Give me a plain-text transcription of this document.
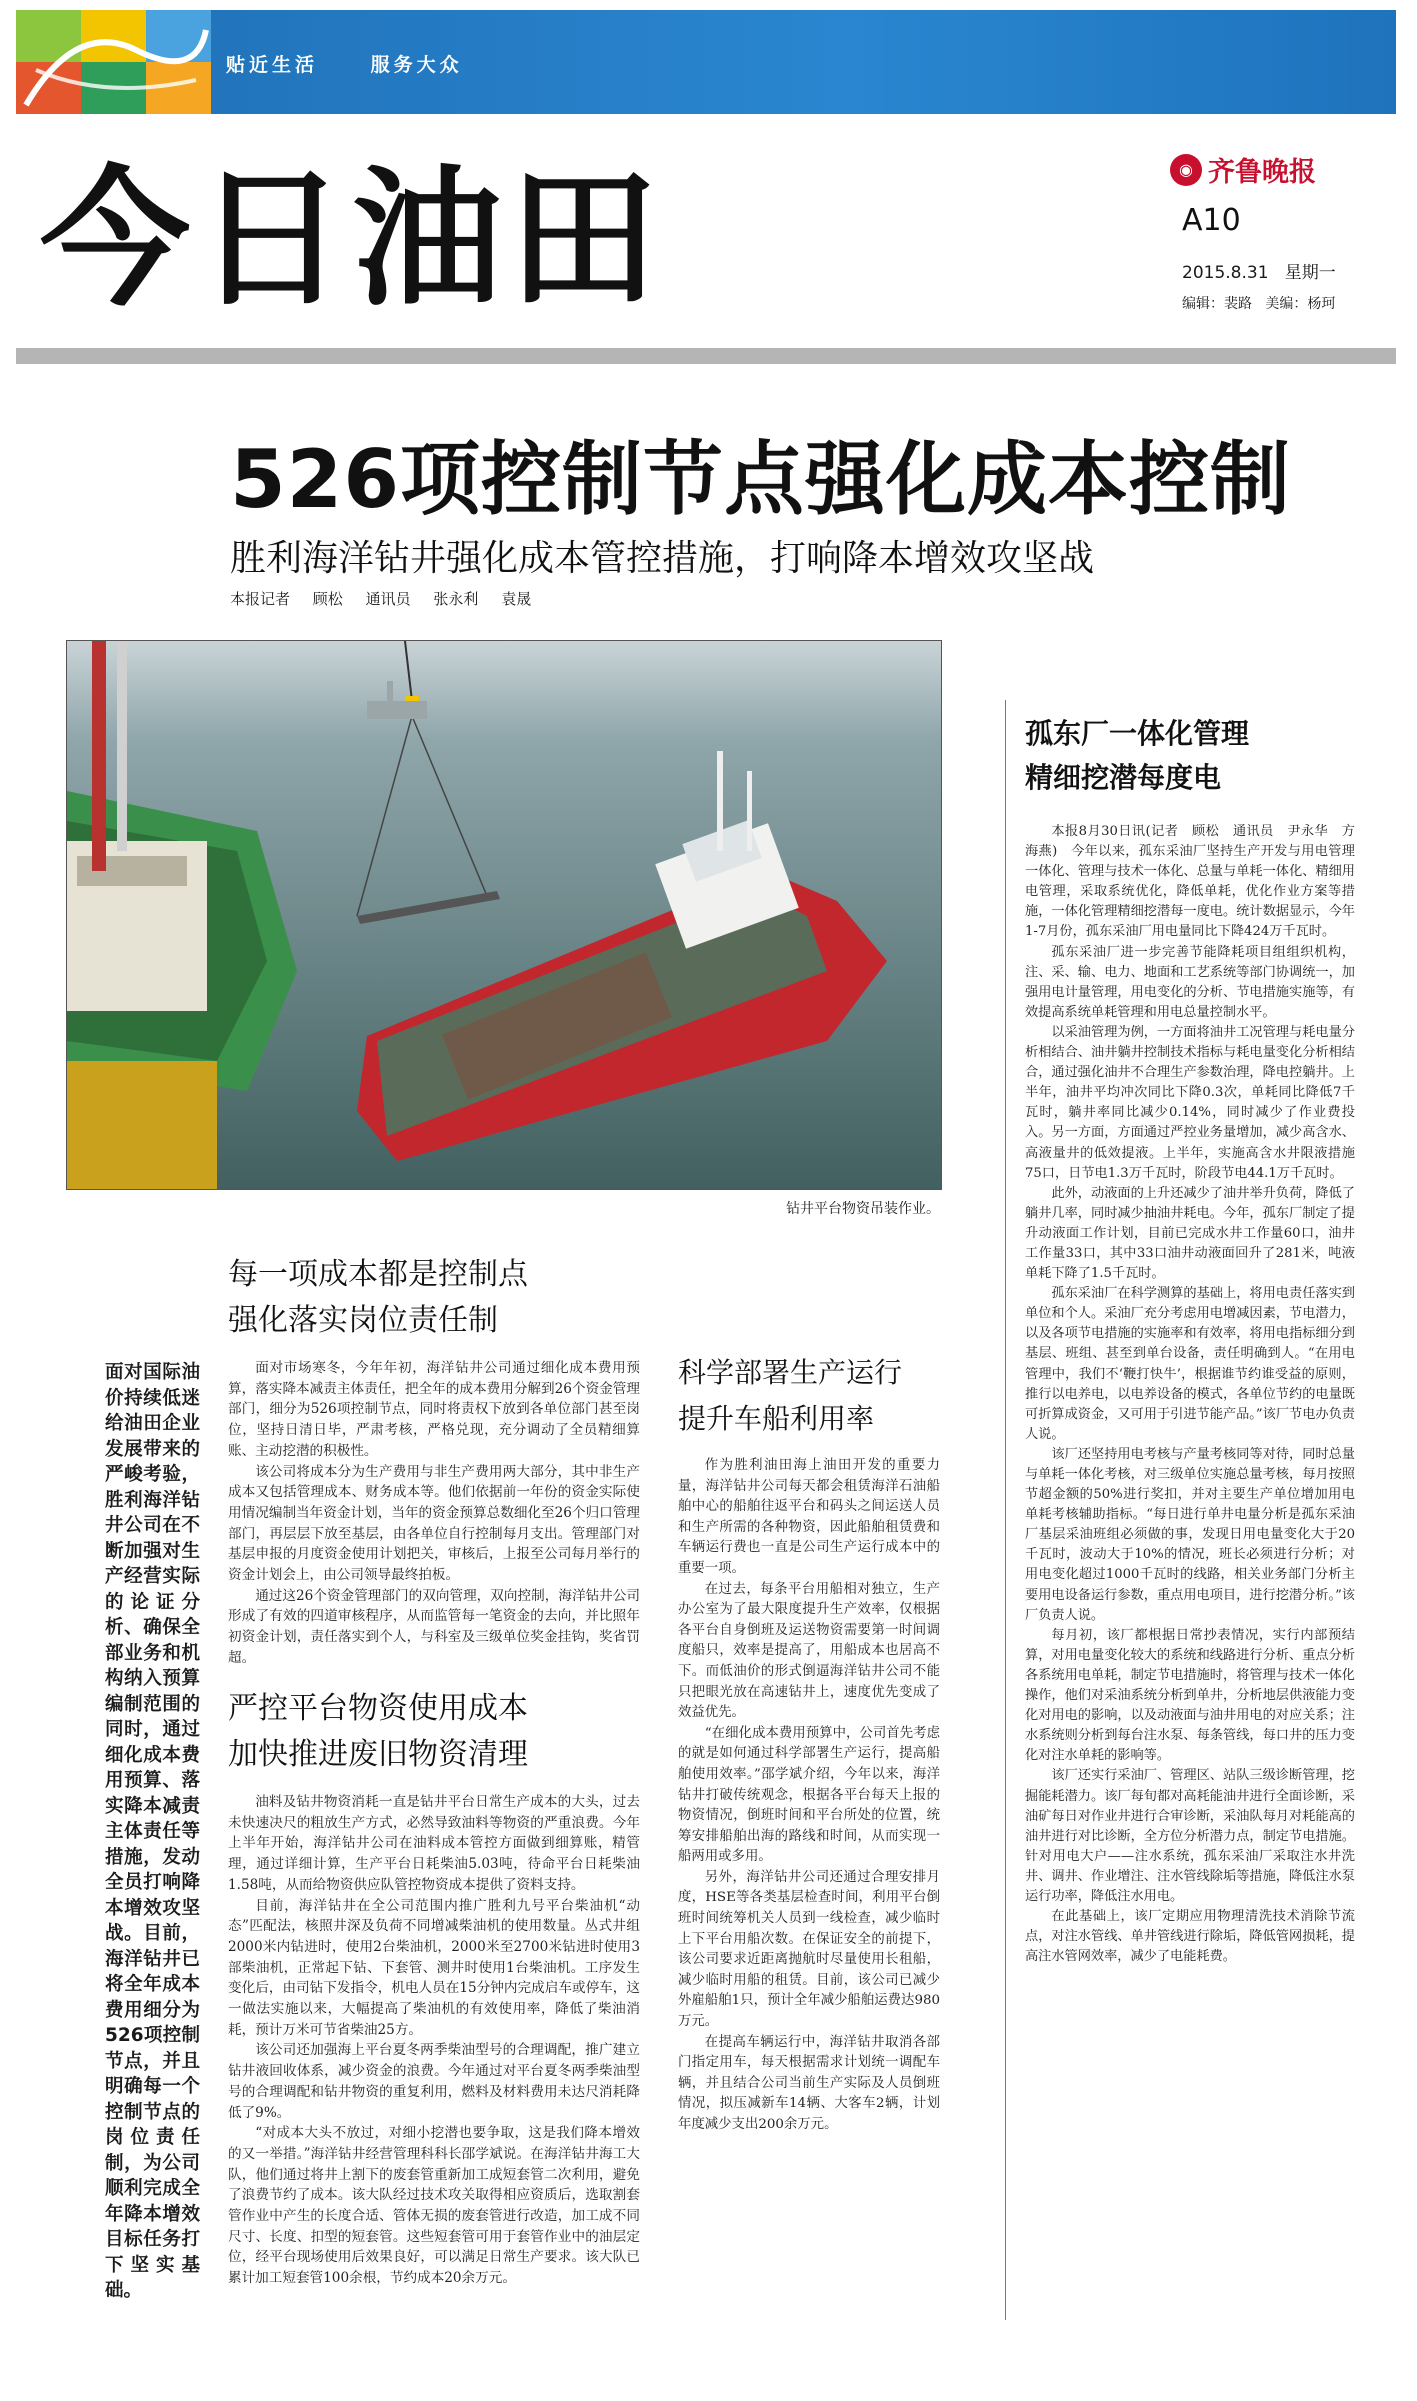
贴近生活	服务大众
今日油田	◉ 齐鲁晚报
A10
2015.8.31 星期一
编辑：裴路 美编：杨珂
526项控制节点强化成本控制
胜利海洋钻井强化成本管控措施，打响降本增效攻坚战
本报记者 顾松 通讯员 张永利 袁晟
钻井平台物资吊装作业。
面对国际油价持续低迷给油田企业发展带来的严峻考验，胜利海洋钻井公司在不断加强对生产经营实际的论证分析、确保全部业务和机构纳入预算编制范围的同时，通过细化成本费用预算、落实降本减责主体责任等措施，发动全员打响降本增效攻坚战。目前，海洋钻井已将全年成本费用细分为526项控制节点，并且明确每一个控制节点的岗位责任制，为公司顺利完成全年降本增效目标任务打下坚实基础。
每一项成本都是控制点
强化落实岗位责任制

面对市场寒冬，今年年初，海洋钻井公司通过细化成本费用预算，落实降本减责主体责任，把全年的成本费用分解到26个资金管理部门，细分为526项控制节点，同时将责权下放到各单位部门甚至岗位，坚持日清日毕，严肃考核，严格兑现，充分调动了全员精细算账、主动挖潜的积极性。

该公司将成本分为生产费用与非生产费用两大部分，其中非生产成本又包括管理成本、财务成本等。他们依据前一年份的资金实际使用情况编制当年资金计划，当年的资金预算总数细化至26个归口管理部门，再层层下放至基层，由各单位自行控制每月支出。管理部门对基层申报的月度资金使用计划把关，审核后，上报至公司每月举行的资金计划会上，由公司领导最终拍板。

通过这26个资金管理部门的双向管理，双向控制，海洋钻井公司形成了有效的四道审核程序，从而监管每一笔资金的去向，并比照年初资金计划，责任落实到个人，与科室及三级单位奖金挂钩，奖省罚超。

严控平台物资使用成本
加快推进废旧物资清理

油料及钻井物资消耗一直是钻井平台日常生产成本的大头，过去未快速决尺的粗放生产方式，必然导致油料等物资的严重浪费。今年上半年开始，海洋钻井公司在油料成本管控方面做到细算账，精管理，通过详细计算，生产平台日耗柴油5.03吨，待命平台日耗柴油1.58吨，从而给物资供应队管控物资成本提供了资料支持。

目前，海洋钻井在全公司范围内推广胜利九号平台柴油机“动态”匹配法，核照井深及负荷不同增减柴油机的使用数量。丛式井组2000米内钻进时，使用2台柴油机，2000米至2700米钻进时使用3部柴油机，正常起下钻、下套管、测井时使用1台柴油机。工序发生变化后，由司钻下发指令，机电人员在15分钟内完成启车或停车，这一做法实施以来，大幅提高了柴油机的有效使用率，降低了柴油消耗，预计万米可节省柴油25方。

该公司还加强海上平台夏冬两季柴油型号的合理调配，推广建立钻井液回收体系，减少资金的浪费。今年通过对平台夏冬两季柴油型号的合理调配和钻井物资的重复利用，燃料及材料费用未达尺消耗降低了9%。

“对成本大头不放过，对细小挖潜也要争取，这是我们降本增效的又一举措。”海洋钻井经营管理科科长邵学斌说。在海洋钻井海工大队，他们通过将井上割下的废套管重新加工成短套管二次利用，避免了浪费节约了成本。该大队经过技术攻关取得相应资质后，选取割套管作业中产生的长度合适、管体无损的废套管进行改造，加工成不同尺寸、长度、扣型的短套管。这些短套管可用于套管作业中的油层定位，经平台现场使用后效果良好，可以满足日常生产要求。该大队已累计加工短套管100余根，节约成本20余万元。

科学部署生产运行
提升车船利用率

作为胜利油田海上油田开发的重要力量，海洋钻井公司每天都会租赁海洋石油船舶中心的船舶往返平台和码头之间运送人员和生产所需的各种物资，因此船舶租赁费和车辆运行费也一直是公司生产运行成本中的重要一项。

在过去，每条平台用船相对独立，生产办公室为了最大限度提升生产效率，仅根据各平台自身倒班及运送物资需要第一时间调度船只，效率是提高了，用船成本也居高不下。而低油价的形式倒逼海洋钻井公司不能只把眼光放在高速钻井上，速度优先变成了效益优先。

“在细化成本费用预算中，公司首先考虑的就是如何通过科学部署生产运行，提高船舶使用效率。”邵学斌介绍，今年以来，海洋钻井打破传统观念，根据各平台每天上报的物资情况，倒班时间和平台所处的位置，统筹安排船舶出海的路线和时间，从而实现一船两用或多用。

另外，海洋钻井公司还通过合理安排月度，HSE等各类基层检查时间，利用平台倒班时间统筹机关人员到一线检查，减少临时上下平台用船次数。在保证安全的前提下，该公司要求近距离抛航时尽量使用长租船，减少临时用船的租赁。目前，该公司已减少外雇船舶1只，预计全年减少船舶运费达980万元。

在提高车辆运行中，海洋钻井取消各部门指定用车，每天根据需求计划统一调配车辆，并且结合公司当前生产实际及人员倒班情况，拟压减新车14辆、大客车2辆，计划年度减少支出200余万元。

孤东厂一体化管理
精细挖潜每度电

本报8月30日讯(记者　顾松　通讯员　尹永华　方海燕)　今年以来，孤东采油厂坚持生产开发与用电管理一体化、管理与技术一体化、总量与单耗一体化、精细用电管理，采取系统优化，降低单耗，优化作业方案等措施，一体化管理精细挖潜每一度电。统计数据显示，今年1-7月份，孤东采油厂用电量同比下降424万千瓦时。

孤东采油厂进一步完善节能降耗项目组组织机构，注、采、输、电力、地面和工艺系统等部门协调统一，加强用电计量管理，用电变化的分析、节电措施实施等，有效提高系统单耗管理和用电总量控制水平。

以采油管理为例，一方面将油井工况管理与耗电量分析相结合、油井躺井控制技术指标与耗电量变化分析相结合，通过强化油井不合理生产参数治理，降电控躺井。上半年，油井平均冲次同比下降0.3次，单耗同比降低7千瓦时，躺井率同比减少0.14%，同时减少了作业费投入。另一方面，方面通过严控业务量增加，减少高含水、高液量井的低效提液。上半年，实施高含水井限液措施75口，日节电1.3万千瓦时，阶段节电44.1万千瓦时。

此外，动液面的上升还减少了油井举升负荷，降低了躺井几率，同时减少抽油井耗电。今年，孤东厂制定了提升动液面工作计划，目前已完成水井工作量60口，油井工作量33口，其中33口油井动液面回升了281米，吨液单耗下降了1.5千瓦时。

孤东采油厂在科学测算的基础上，将用电责任落实到单位和个人。采油厂充分考虑用电增减因素，节电潜力，以及各项节电措施的实施率和有效率，将用电指标细分到基层、班组、甚至到单台设备，责任明确到人。“在用电管理中，我们不‘鞭打快牛’，根据谁节约谁受益的原则，推行以电养电，以电养设备的模式，各单位节约的电量既可折算成资金，又可用于引进节能产品。”该厂节电办负责人说。

该厂还坚持用电考核与产量考核同等对待，同时总量与单耗一体化考核，对三级单位实施总量考核，每月按照节超金额的50%进行奖扣，并对主要生产单位增加用电单耗考核辅助指标。“每日进行单井电量分析是孤东采油厂基层采油班组必须做的事，发现日用电量变化大于20千瓦时，波动大于10%的情况，班长必须进行分析；对用电变化超过1000千瓦时的线路，相关业务部门分析主要用电设备运行参数，重点用电项目，进行挖潜分析。”该厂负责人说。

每月初，该厂都根据日常抄表情况，实行内部预结算，对用电量变化较大的系统和线路进行分析、重点分析各系统用电单耗，制定节电措施时，将管理与技术一体化操作，他们对采油系统分析到单井，分析地层供液能力变化对用电的影响，以及动液面与油井用电的对应关系；注水系统则分析到每台注水泵、每条管线，每口井的压力变化对注水单耗的影响等。

该厂还实行采油厂、管理区、站队三级诊断管理，挖掘能耗潜力。该厂每旬都对高耗能油井进行全面诊断，采油矿每日对作业井进行合审诊断，采油队每月对耗能高的油井进行对比诊断，全方位分析潜力点，制定节电措施。针对用电大户——注水系统，孤东采油厂采取注水井洗井、调井、作业增注、注水管线除垢等措施，降低注水泵运行功率，降低注水用电。

在此基础上，该厂定期应用物理清洗技术消除节流点，对注水管线、单井管线进行除垢，降低管网损耗，提高注水管网效率，减少了电能耗费。
